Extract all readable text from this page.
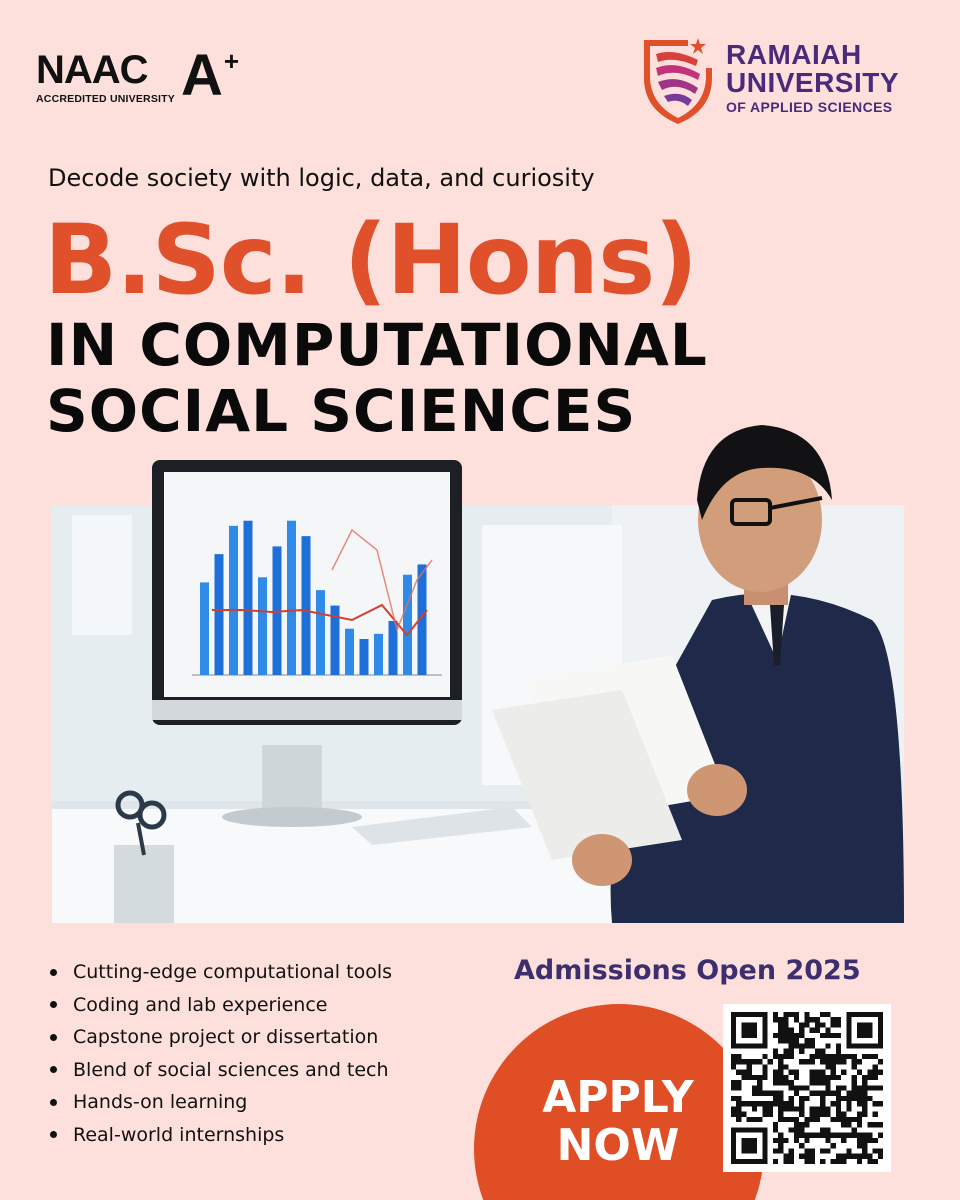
NAAC
ACCREDITED UNIVERSITY A +	RAMAIAH
UNIVERSITY
OF APPLIED SCIENCES
Decode society with logic, data, and curiosity
B.Sc. (Hons)
IN COMPUTATIONAL
SOCIAL SCIENCES
Cutting-edge computational tools
Coding and lab experience
Capstone project or dissertation
Blend of social sciences and tech
Hands-on learning
Real-world internships
Admissions Open 2025
APPLY
NOW
